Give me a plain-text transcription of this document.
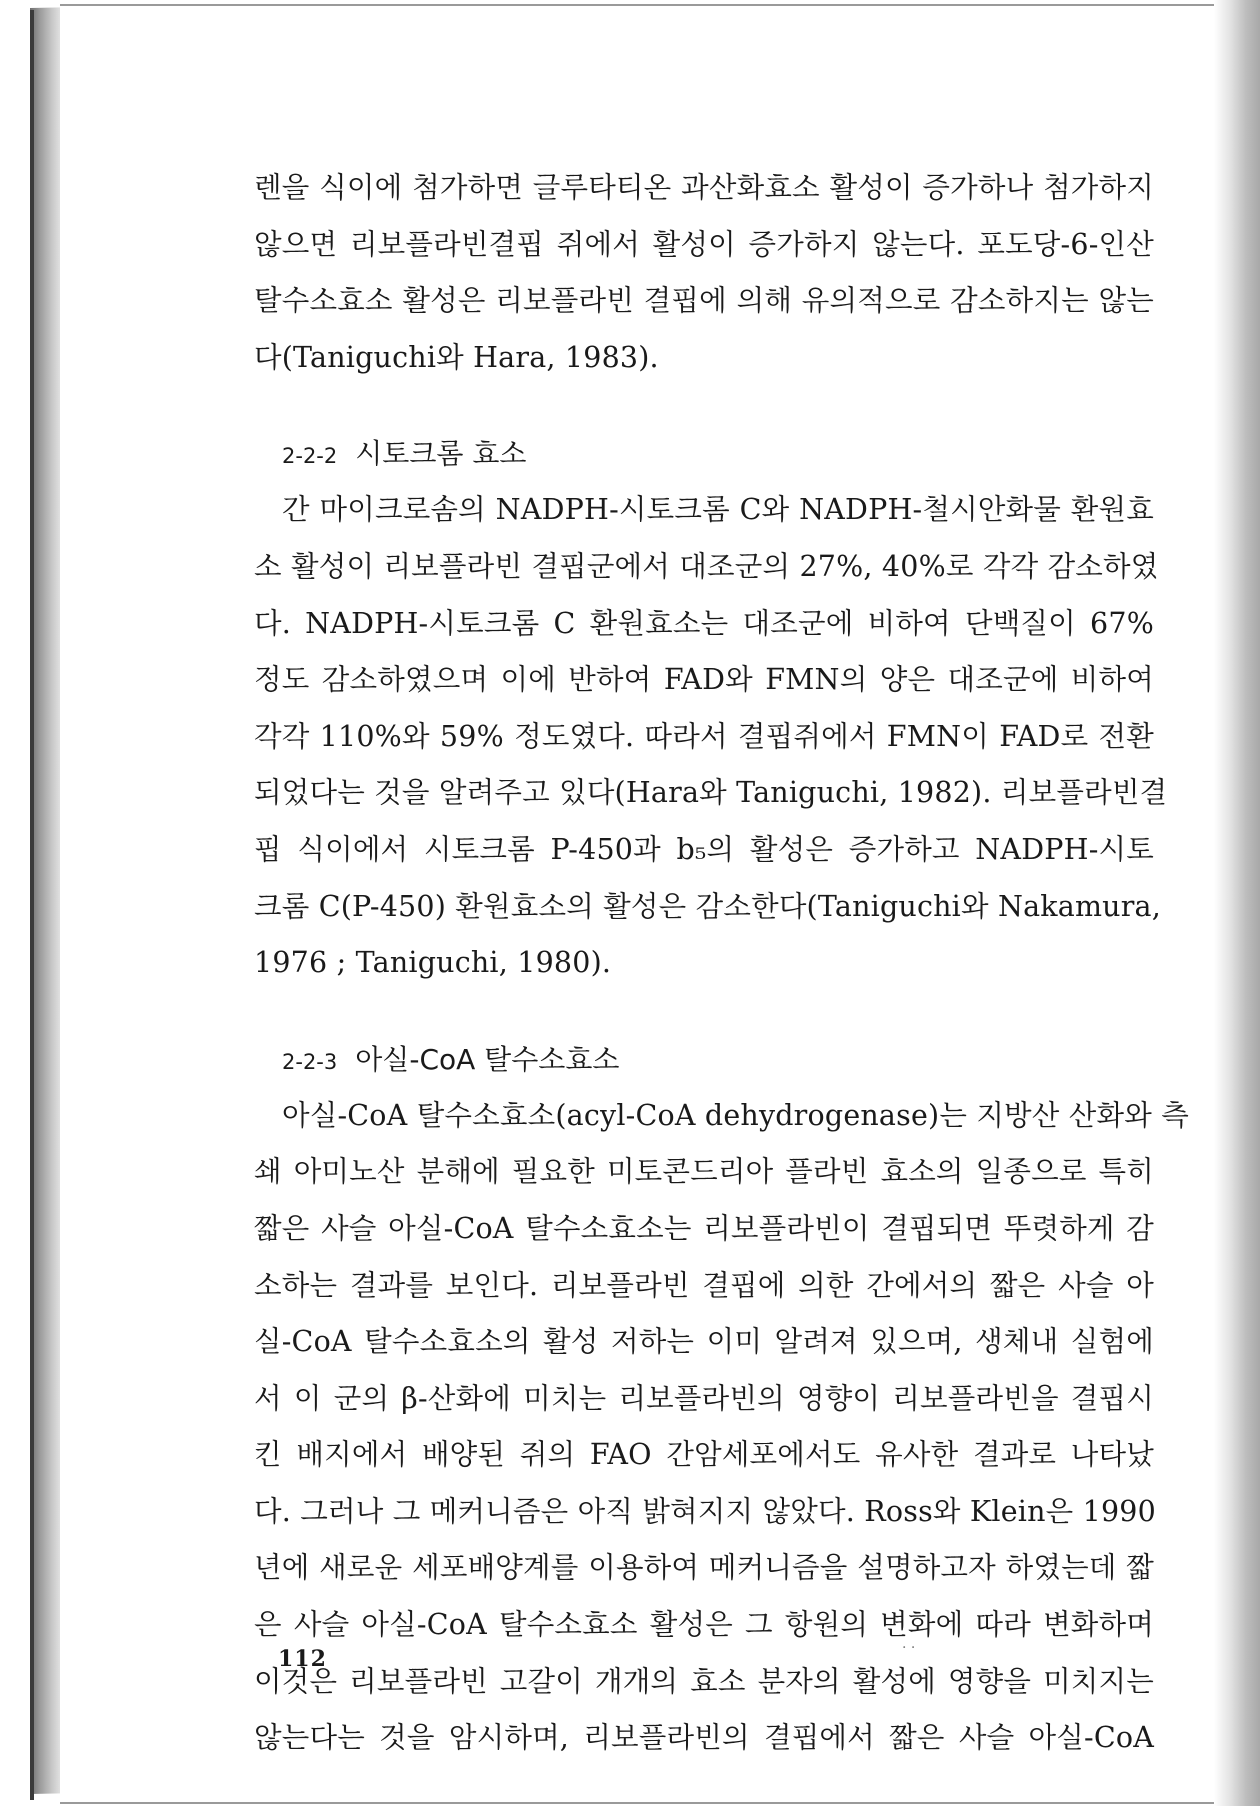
렌을 식이에 첨가하면 글루타티온 과산화효소 활성이 증가하나 첨가하지
않으면 리보플라빈결핍 쥐에서 활성이 증가하지 않는다. 포도당-6-인산
탈수소효소 활성은 리보플라빈 결핍에 의해 유의적으로 감소하지는 않는
다(Taniguchi와 Hara, 1983).
2-2-2 시토크롬 효소
간 마이크로솜의 NADPH-시토크롬 C와 NADPH-철시안화물 환원효
소 활성이 리보플라빈 결핍군에서 대조군의 27%, 40%로 각각 감소하였
다. NADPH-시토크롬 C 환원효소는 대조군에 비하여 단백질이 67%
정도 감소하였으며 이에 반하여 FAD와 FMN의 양은 대조군에 비하여
각각 110%와 59% 정도였다. 따라서 결핍쥐에서 FMN이 FAD로 전환
되었다는 것을 알려주고 있다(Hara와 Taniguchi, 1982). 리보플라빈결
핍 식이에서 시토크롬 P-450과 b₅의 활성은 증가하고 NADPH-시토
크롬 C(P-450) 환원효소의 활성은 감소한다(Taniguchi와 Nakamura,
1976 ; Taniguchi, 1980).
2-2-3 아실-CoA 탈수소효소
아실-CoA 탈수소효소(acyl-CoA dehydrogenase)는 지방산 산화와 측
쇄 아미노산 분해에 필요한 미토콘드리아 플라빈 효소의 일종으로 특히
짧은 사슬 아실-CoA 탈수소효소는 리보플라빈이 결핍되면 뚜렷하게 감
소하는 결과를 보인다. 리보플라빈 결핍에 의한 간에서의 짧은 사슬 아
실-CoA 탈수소효소의 활성 저하는 이미 알려져 있으며, 생체내 실험에
서 이 군의 β-산화에 미치는 리보플라빈의 영향이 리보플라빈을 결핍시
킨 배지에서 배양된 쥐의 FAO 간암세포에서도 유사한 결과로 나타났
다. 그러나 그 메커니즘은 아직 밝혀지지 않았다. Ross와 Klein은 1990
년에 새로운 세포배양계를 이용하여 메커니즘을 설명하고자 하였는데 짧
은 사슬 아실-CoA 탈수소효소 활성은 그 항원의 변화에 따라 변화하며
이것은 리보플라빈 고갈이 개개의 효소 분자의 활성에 영향을 미치지는
않는다는 것을 암시하며, 리보플라빈의 결핍에서 짧은 사슬 아실-CoA
112	· ·
